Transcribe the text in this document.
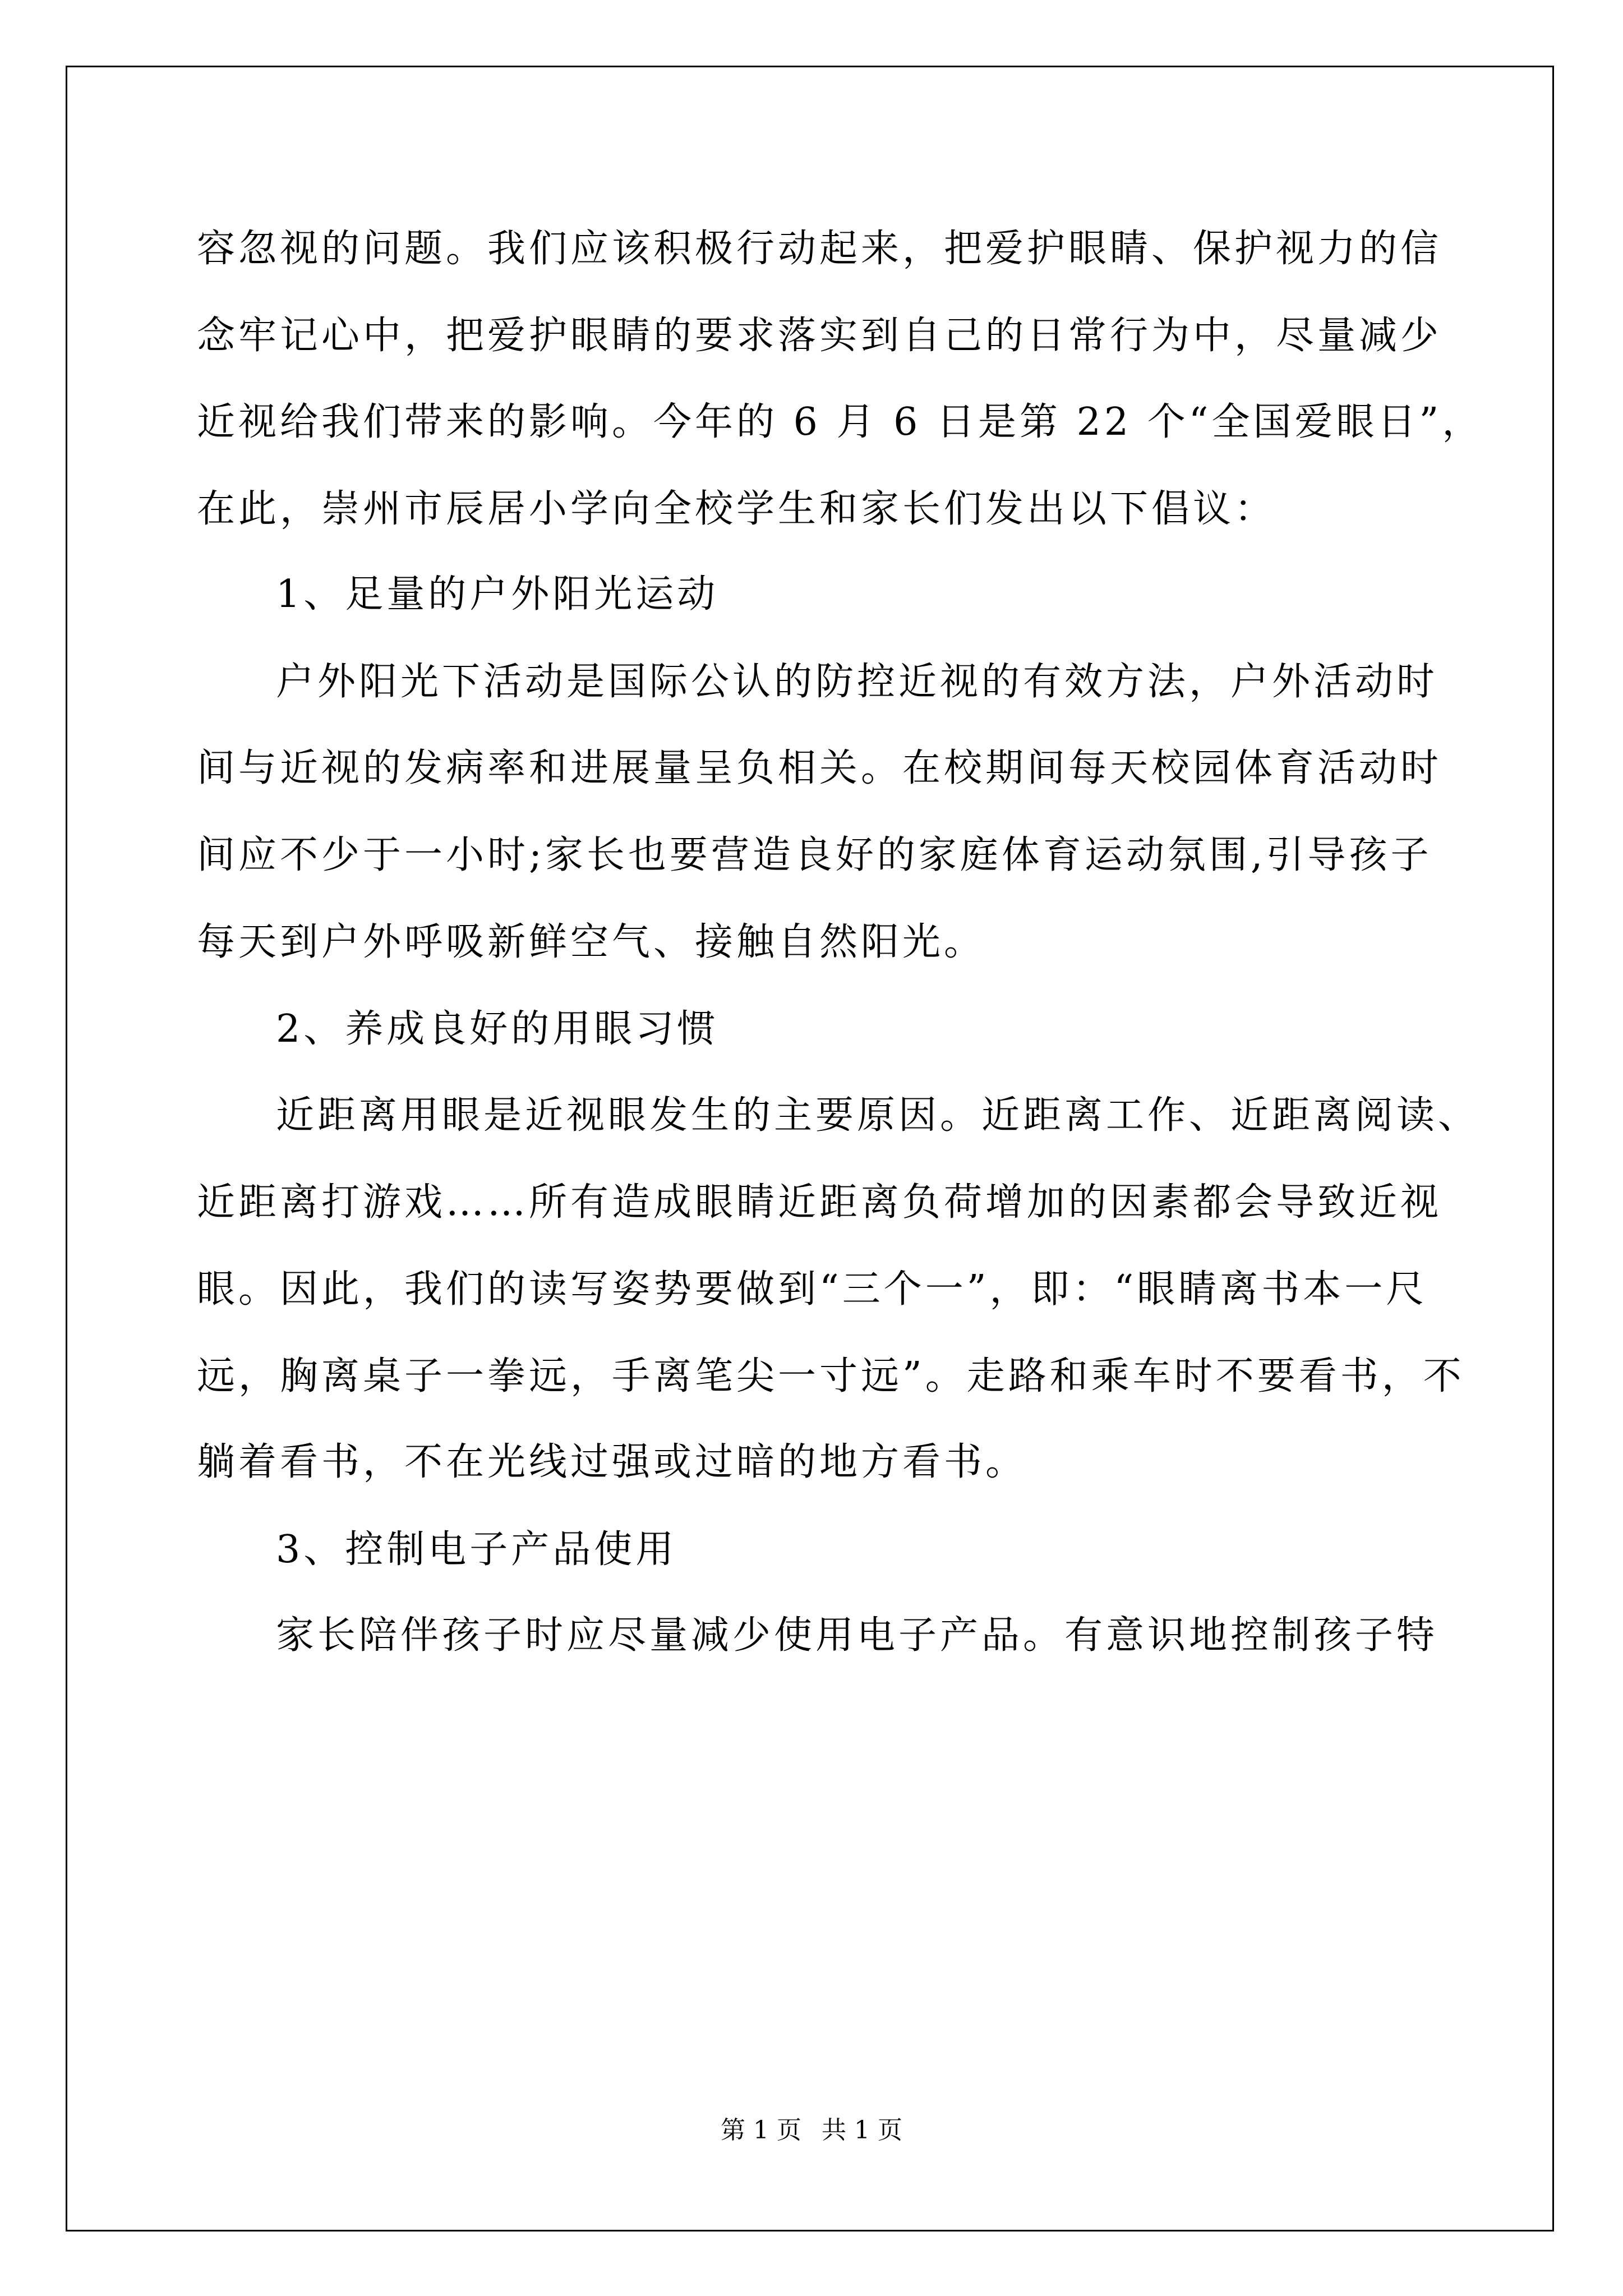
容忽视的问题。我们应该积极行动起来，把爱护眼睛、保护视力的信
念牢记心中，把爱护眼睛的要求落实到自己的日常行为中，尽量减少
近视给我们带来的影响。今年的 6 月 6 日是第 22 个“全国爱眼日”，
在此，崇州市辰居小学向全校学生和家长们发出以下倡议：
1、足量的户外阳光运动
户外阳光下活动是国际公认的防控近视的有效方法，户外活动时
间与近视的发病率和进展量呈负相关。在校期间每天校园体育活动时
间应不少于一小时;家长也要营造良好的家庭体育运动氛围,引导孩子
每天到户外呼吸新鲜空气、接触自然阳光。
2、养成良好的用眼习惯
近距离用眼是近视眼发生的主要原因。近距离工作、近距离阅读、
近距离打游戏……所有造成眼睛近距离负荷增加的因素都会导致近视
眼。因此，我们的读写姿势要做到“三个一”，即：“眼睛离书本一尺
远，胸离桌子一拳远，手离笔尖一寸远”。走路和乘车时不要看书，不
躺着看书，不在光线过强或过暗的地方看书。
3、控制电子产品使用
家长陪伴孩子时应尽量减少使用电子产品。有意识地控制孩子特
第 1 页 共 1 页
